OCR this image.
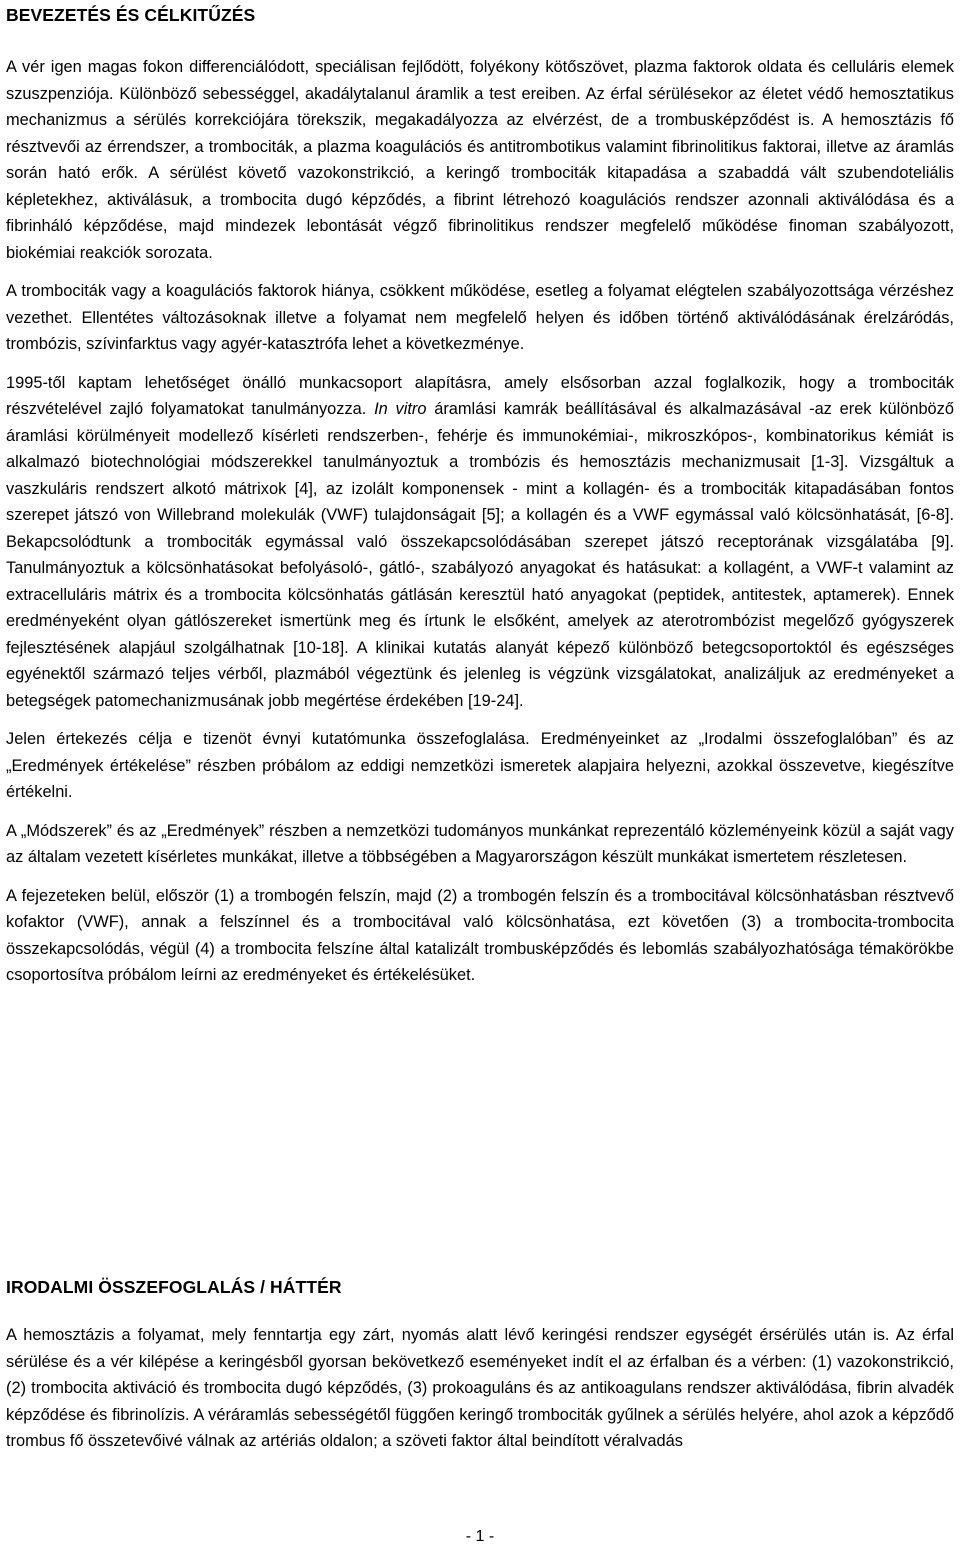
BEVEZETÉS ÉS CÉLKITŰZÉS

A vér igen magas fokon differenciálódott, speciálisan fejlődött, folyékony kötőszövet, plazma faktorok oldata és celluláris elemek szuszpenziója. Különböző sebességgel, akadálytalanul áramlik a test ereiben. Az érfal sérülésekor az életet védő hemosztatikus mechanizmus a sérülés korrekciójára törekszik, megakadályozza az elvérzést, de a trombusképződést is. A hemosztázis fő résztvevői az érrendszer, a trombociták, a plazma koagulációs és antitrombotikus valamint fibrinolitikus faktorai, illetve az áramlás során ható erők. A sérülést követő vazokonstrikció, a keringő trombociták kitapadása a szabaddá vált szubendoteliális képletekhez, aktiválásuk, a trombocita dugó képződés, a fibrint létrehozó koagulációs rendszer azonnali aktiválódása és a fibrinháló képződése, majd mindezek lebontását végző fibrinolitikus rendszer megfelelő működése finoman szabályozott, biokémiai reakciók sorozata.

A trombociták vagy a koagulációs faktorok hiánya, csökkent működése, esetleg a folyamat elégtelen szabályozottsága vérzéshez vezethet. Ellentétes változásoknak illetve a folyamat nem megfelelő helyen és időben történő aktiválódásának érelzáródás, trombózis, szívinfarktus vagy agyér-katasztrófa lehet a következménye.

1995-től kaptam lehetőséget önálló munkacsoport alapításra, amely elsősorban azzal foglalkozik, hogy a trombociták részvételével zajló folyamatokat tanulmányozza. In vitro áramlási kamrák beállításával és alkalmazásával -az erek különböző áramlási körülményeit modellező kísérleti rendszerben-, fehérje és immunokémiai-, mikroszkópos-, kombinatorikus kémiát is alkalmazó biotechnológiai módszerekkel tanulmányoztuk a trombózis és hemosztázis mechanizmusait [1-3]. Vizsgáltuk a vaszkuláris rendszert alkotó mátrixok [4], az izolált komponensek - mint a kollagén- és a trombociták kitapadásában fontos szerepet játszó von Willebrand molekulák (VWF) tulajdonságait [5]; a kollagén és a VWF egymással való kölcsönhatását, [6-8]. Bekapcsolódtunk a trombociták egymással való összekapcsolódásában szerepet játszó receptorának vizsgálatába [9]. Tanulmányoztuk a kölcsönhatásokat befolyásoló-, gátló-, szabályozó anyagokat és hatásukat: a kollagént, a VWF-t valamint az extracelluláris mátrix és a trombocita kölcsönhatás gátlásán keresztül ható anyagokat (peptidek, antitestek, aptamerek). Ennek eredményeként olyan gátlószereket ismertünk meg és írtunk le elsőként, amelyek az aterotrombózist megelőző gyógyszerek fejlesztésének alapjául szolgálhatnak [10-18]. A klinikai kutatás alanyát képező különböző betegcsoportoktól és egészséges egyénektől származó teljes vérből, plazmából végeztünk és jelenleg is végzünk vizsgálatokat, analizáljuk az eredményeket a betegségek patomechanizmusának jobb megértése érdekében [19-24].

Jelen értekezés célja e tizenöt évnyi kutatómunka összefoglalása. Eredményeinket az „Irodalmi összefoglalóban” és az „Eredmények értékelése” részben próbálom az eddigi nemzetközi ismeretek alapjaira helyezni, azokkal összevetve, kiegészítve értékelni.

A „Módszerek” és az „Eredmények” részben a nemzetközi tudományos munkánkat reprezentáló közleményeink közül a saját vagy az általam vezetett kísérletes munkákat, illetve a többségében a Magyarországon készült munkákat ismertetem részletesen.

A fejezeteken belül, először (1) a trombogén felszín, majd (2) a trombogén felszín és a trombocitával kölcsönhatásban résztvevő kofaktor (VWF), annak a felszínnel és a trombocitával való kölcsönhatása, ezt követően (3) a trombocita-trombocita összekapcsolódás, végül (4) a trombocita felszíne által katalizált trombusképződés és lebomlás szabályozhatósága témakörökbe csoportosítva próbálom leírni az eredményeket és értékelésüket.

IRODALMI ÖSSZEFOGLALÁS / HÁTTÉR

A hemosztázis a folyamat, mely fenntartja egy zárt, nyomás alatt lévő keringési rendszer egységét érsérülés után is. Az érfal sérülése és a vér kilépése a keringésből gyorsan bekövetkező eseményeket indít el az érfalban és a vérben: (1) vazokonstrikció, (2) trombocita aktiváció és trombocita dugó képződés, (3) prokoaguláns és az antikoagulans rendszer aktiválódása, fibrin alvadék képződése és fibrinolízis. A véráramlás sebességétől függően keringő trombociták gyűlnek a sérülés helyére, ahol azok a képződő trombus fő összetevőivé válnak az artériás oldalon; a szöveti faktor által beindított véralvadás

- 1 -
